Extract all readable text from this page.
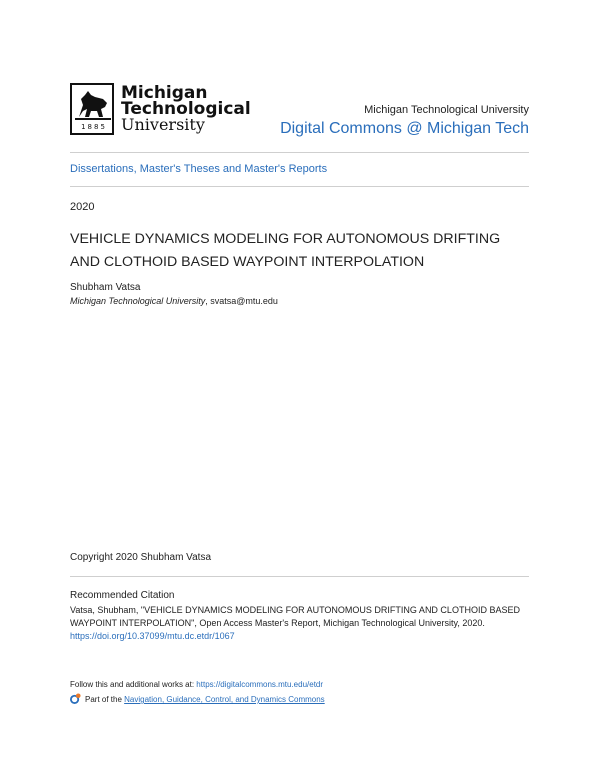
1885
Michigan
Technological
University
Michigan Technological University
Digital Commons @ Michigan Tech
Dissertations, Master's Theses and Master's Reports
2020
VEHICLE DYNAMICS MODELING FOR AUTONOMOUS DRIFTING AND CLOTHOID BASED WAYPOINT INTERPOLATION
Shubham Vatsa
Michigan Technological University, svatsa@mtu.edu
Copyright 2020 Shubham Vatsa
Recommended Citation
Vatsa, Shubham, "VEHICLE DYNAMICS MODELING FOR AUTONOMOUS DRIFTING AND CLOTHOID BASED WAYPOINT INTERPOLATION", Open Access Master's Report, Michigan Technological University, 2020.
https://doi.org/10.37099/mtu.dc.etdr/1067
Follow this and additional works at: https://digitalcommons.mtu.edu/etdr
Part of the Navigation, Guidance, Control, and Dynamics Commons
